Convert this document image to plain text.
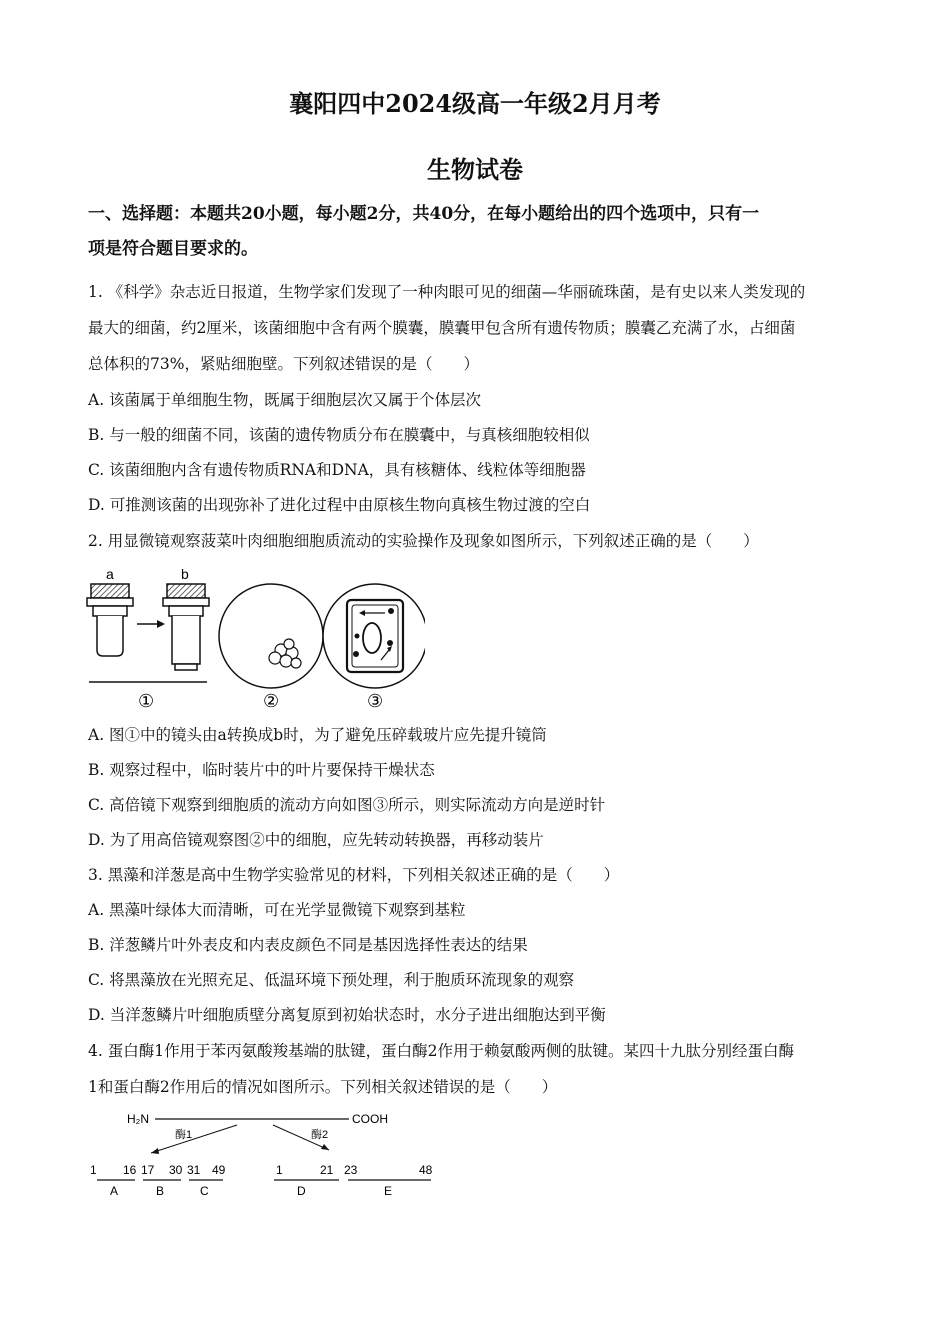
襄阳四中2024级高一年级2月月考
生物试卷
一、选择题：本题共20小题，每小题2分，共40分，在每小题给出的四个选项中，只有一
项是符合题目要求的。
1. 《科学》杂志近日报道，生物学家们发现了一种肉眼可见的细菌—华丽硫珠菌，是有史以来人类发现的
最大的细菌，约2厘米，该菌细胞中含有两个膜囊，膜囊甲包含所有遗传物质；膜囊乙充满了水，占细菌
总体积的73%，紧贴细胞壁。下列叙述错误的是（　　）
A. 该菌属于单细胞生物，既属于细胞层次又属于个体层次
B. 与一般的细菌不同，该菌的遗传物质分布在膜囊中，与真核细胞较相似
C. 该菌细胞内含有遗传物质RNA和DNA，具有核糖体、线粒体等细胞器
D. 可推测该菌的出现弥补了进化过程中由原核生物向真核生物过渡的空白
2. 用显微镜观察菠菜叶肉细胞细胞质流动的实验操作及现象如图所示，下列叙述正确的是（　　）
a	b
①	②	③
A. 图①中的镜头由a转换成b时，为了避免压碎载玻片应先提升镜筒
B. 观察过程中，临时装片中的叶片要保持干燥状态
C. 高倍镜下观察到细胞质的流动方向如图③所示，则实际流动方向是逆时针
D. 为了用高倍镜观察图②中的细胞，应先转动转换器，再移动装片
3. 黑藻和洋葱是高中生物学实验常见的材料，下列相关叙述正确的是（　　）
A. 黑藻叶绿体大而清晰，可在光学显微镜下观察到基粒
B. 洋葱鳞片叶外表皮和内表皮颜色不同是基因选择性表达的结果
C. 将黑藻放在光照充足、低温环境下预处理，利于胞质环流现象的观察
D. 当洋葱鳞片叶细胞质壁分离复原到初始状态时，水分子进出细胞达到平衡
4. 蛋白酶1作用于苯丙氨酸羧基端的肽键，蛋白酶2作用于赖氨酸两侧的肽键。某四十九肽分别经蛋白酶
1和蛋白酶2作用后的情况如图所示。下列相关叙述错误的是（　　）
H₂N	COOH
酶1	酶2
1 16
A
17 30
B
31 49
C
1	21
D
23	48
E
